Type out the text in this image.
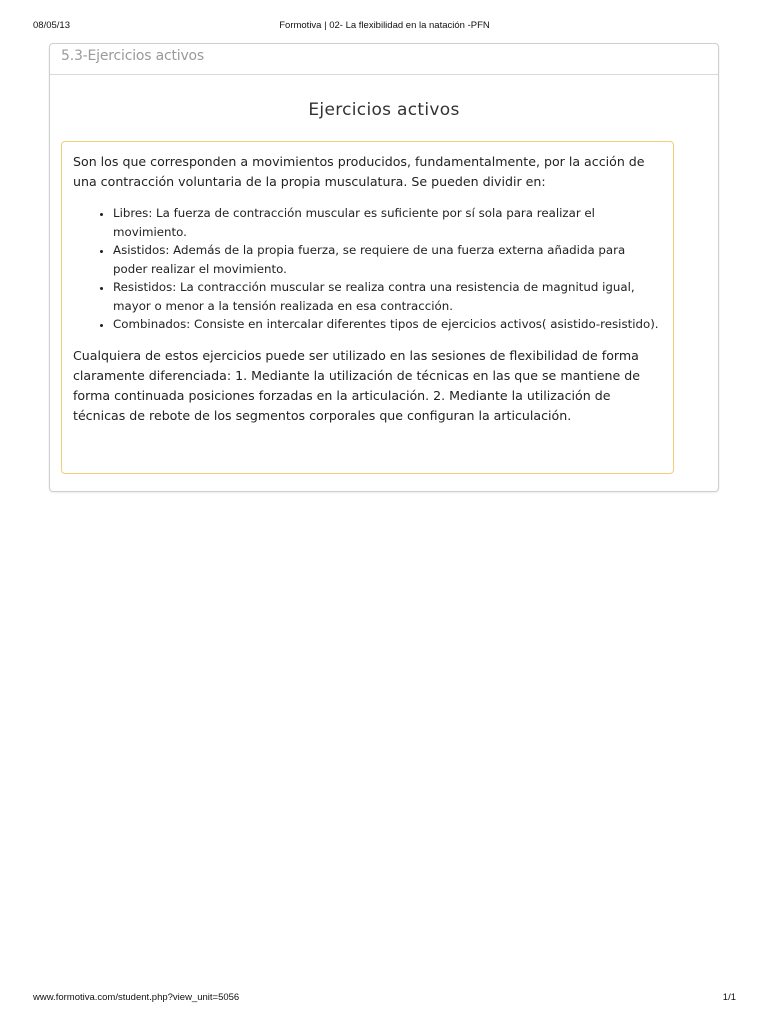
08/05/13	Formotiva | 02- La flexibilidad en la natación -PFN
5.3-Ejercicios activos
Ejercicios activos

Son los que corresponden a movimientos producidos, fundamentalmente, por la acción de una contracción voluntaria de la propia musculatura. Se pueden dividir en:

• Libres: La fuerza de contracción muscular es suficiente por sí sola para realizar el movimiento.
• Asistidos: Además de la propia fuerza, se requiere de una fuerza externa añadida para poder realizar el movimiento.
• Resistidos: La contracción muscular se realiza contra una resistencia de magnitud igual, mayor o menor a la tensión realizada en esa contracción.
• Combinados: Consiste en intercalar diferentes tipos de ejercicios activos( asistido-resistido).

Cualquiera de estos ejercicios puede ser utilizado en las sesiones de flexibilidad de forma claramente diferenciada: 1. Mediante la utilización de técnicas en las que se mantiene de forma continuada posiciones forzadas en la articulación. 2. Mediante la utilización de técnicas de rebote de los segmentos corporales que configuran la articulación.

www.formotiva.com/student.php?view_unit=5056	1/1
